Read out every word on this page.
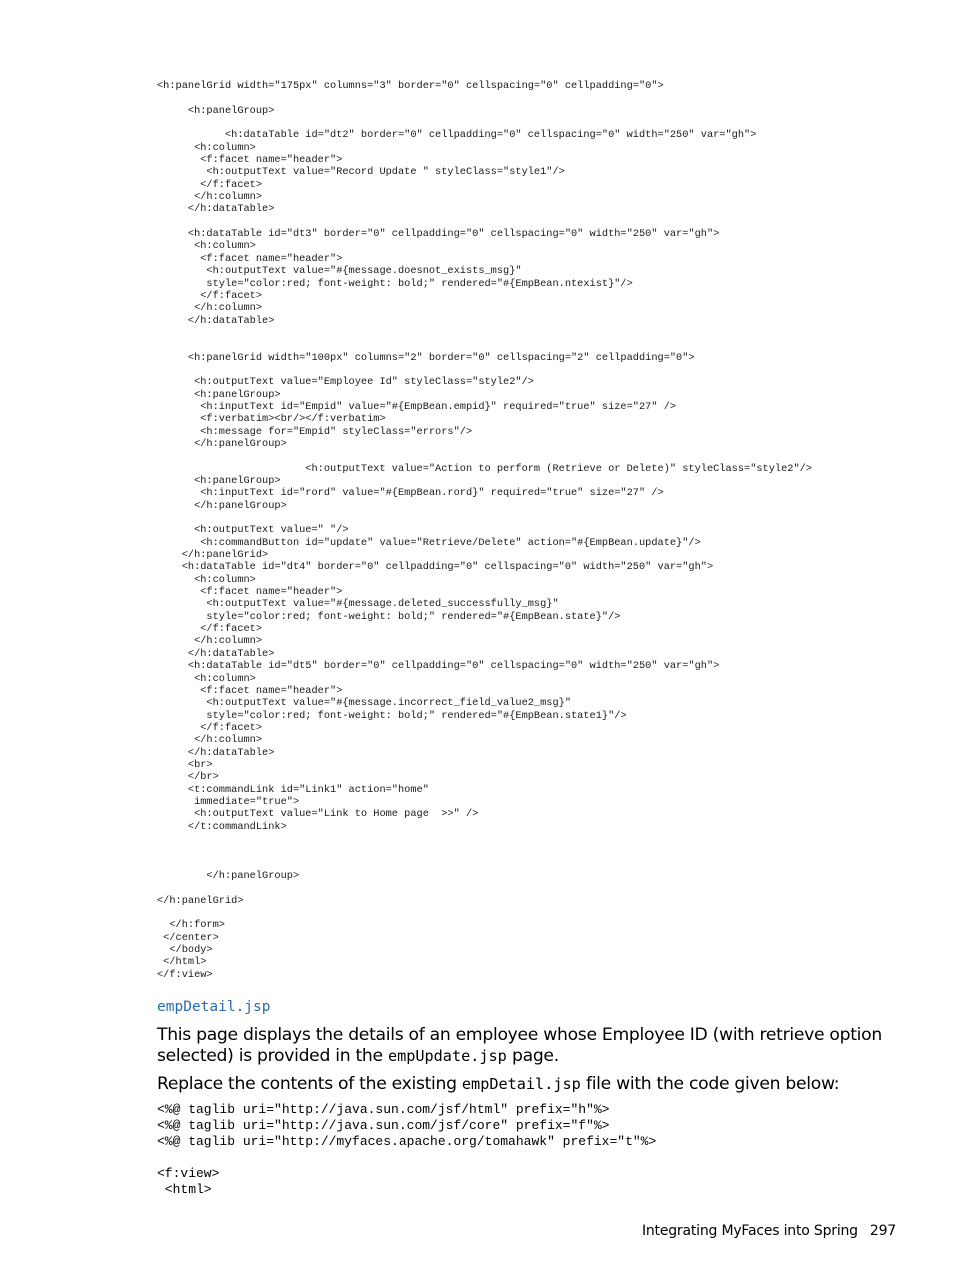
<h:panelGrid width="175px" columns="3" border="0" cellspacing="0" cellpadding="0">

<h:panelGroup>

<h:dataTable id="dt2" border="0" cellpadding="0" cellspacing="0" width="250" var="gh">
<h:column>
<f:facet name="header">
<h:outputText value="Record Update " styleClass="style1"/>
</f:facet>
</h:column>
</h:dataTable>

<h:dataTable id="dt3" border="0" cellpadding="0" cellspacing="0" width="250" var="gh">
<h:column>
<f:facet name="header">
<h:outputText value="#{message.doesnot_exists_msg}"
style="color:red; font-weight: bold;" rendered="#{EmpBean.ntexist}"/>
</f:facet>
</h:column>
</h:dataTable>

<h:panelGrid width="100px" columns="2" border="0" cellspacing="2" cellpadding="0">

<h:outputText value="Employee Id" styleClass="style2"/>
<h:panelGroup>
<h:inputText id="Empid" value="#{EmpBean.empid}" required="true" size="27" />
<f:verbatim><br/></f:verbatim>
<h:message for="Empid" styleClass="errors"/>
</h:panelGroup>

<h:outputText value="Action to perform (Retrieve or Delete)" styleClass="style2"/>
<h:panelGroup>
<h:inputText id="rord" value="#{EmpBean.rord}" required="true" size="27" />
</h:panelGroup>

<h:outputText value=" "/>
<h:commandButton id="update" value="Retrieve/Delete" action="#{EmpBean.update}"/>
</h:panelGrid>
<h:dataTable id="dt4" border="0" cellpadding="0" cellspacing="0" width="250" var="gh">
<h:column>
<f:facet name="header">
<h:outputText value="#{message.deleted_successfully_msg}"
style="color:red; font-weight: bold;" rendered="#{EmpBean.state}"/>
</f:facet>
</h:column>
</h:dataTable>
<h:dataTable id="dt5" border="0" cellpadding="0" cellspacing="0" width="250" var="gh">
<h:column>
<f:facet name="header">
<h:outputText value="#{message.incorrect_field_value2_msg}"
style="color:red; font-weight: bold;" rendered="#{EmpBean.state1}"/>
</f:facet>
</h:column>
</h:dataTable>
<br>
</br>
<t:commandLink id="Link1" action="home"
immediate="true">
<h:outputText value="Link to Home page  >>" />
</t:commandLink>

</h:panelGroup>

</h:panelGrid>

</h:form>
</center>
</body>
</html>
</f:view>
empDetail.jsp

This page displays the details of an employee whose Employee ID (with retrieve option selected) is provided in the empUpdate.jsp page.

Replace the contents of the existing empDetail.jsp file with the code given below:

<%@ taglib uri="http://java.sun.com/jsf/html" prefix="h"%>
<%@ taglib uri="http://java.sun.com/jsf/core" prefix="f"%>
<%@ taglib uri="http://myfaces.apache.org/tomahawk" prefix="t"%>

<f:view>
<html>
Integrating MyFaces into Spring 297
